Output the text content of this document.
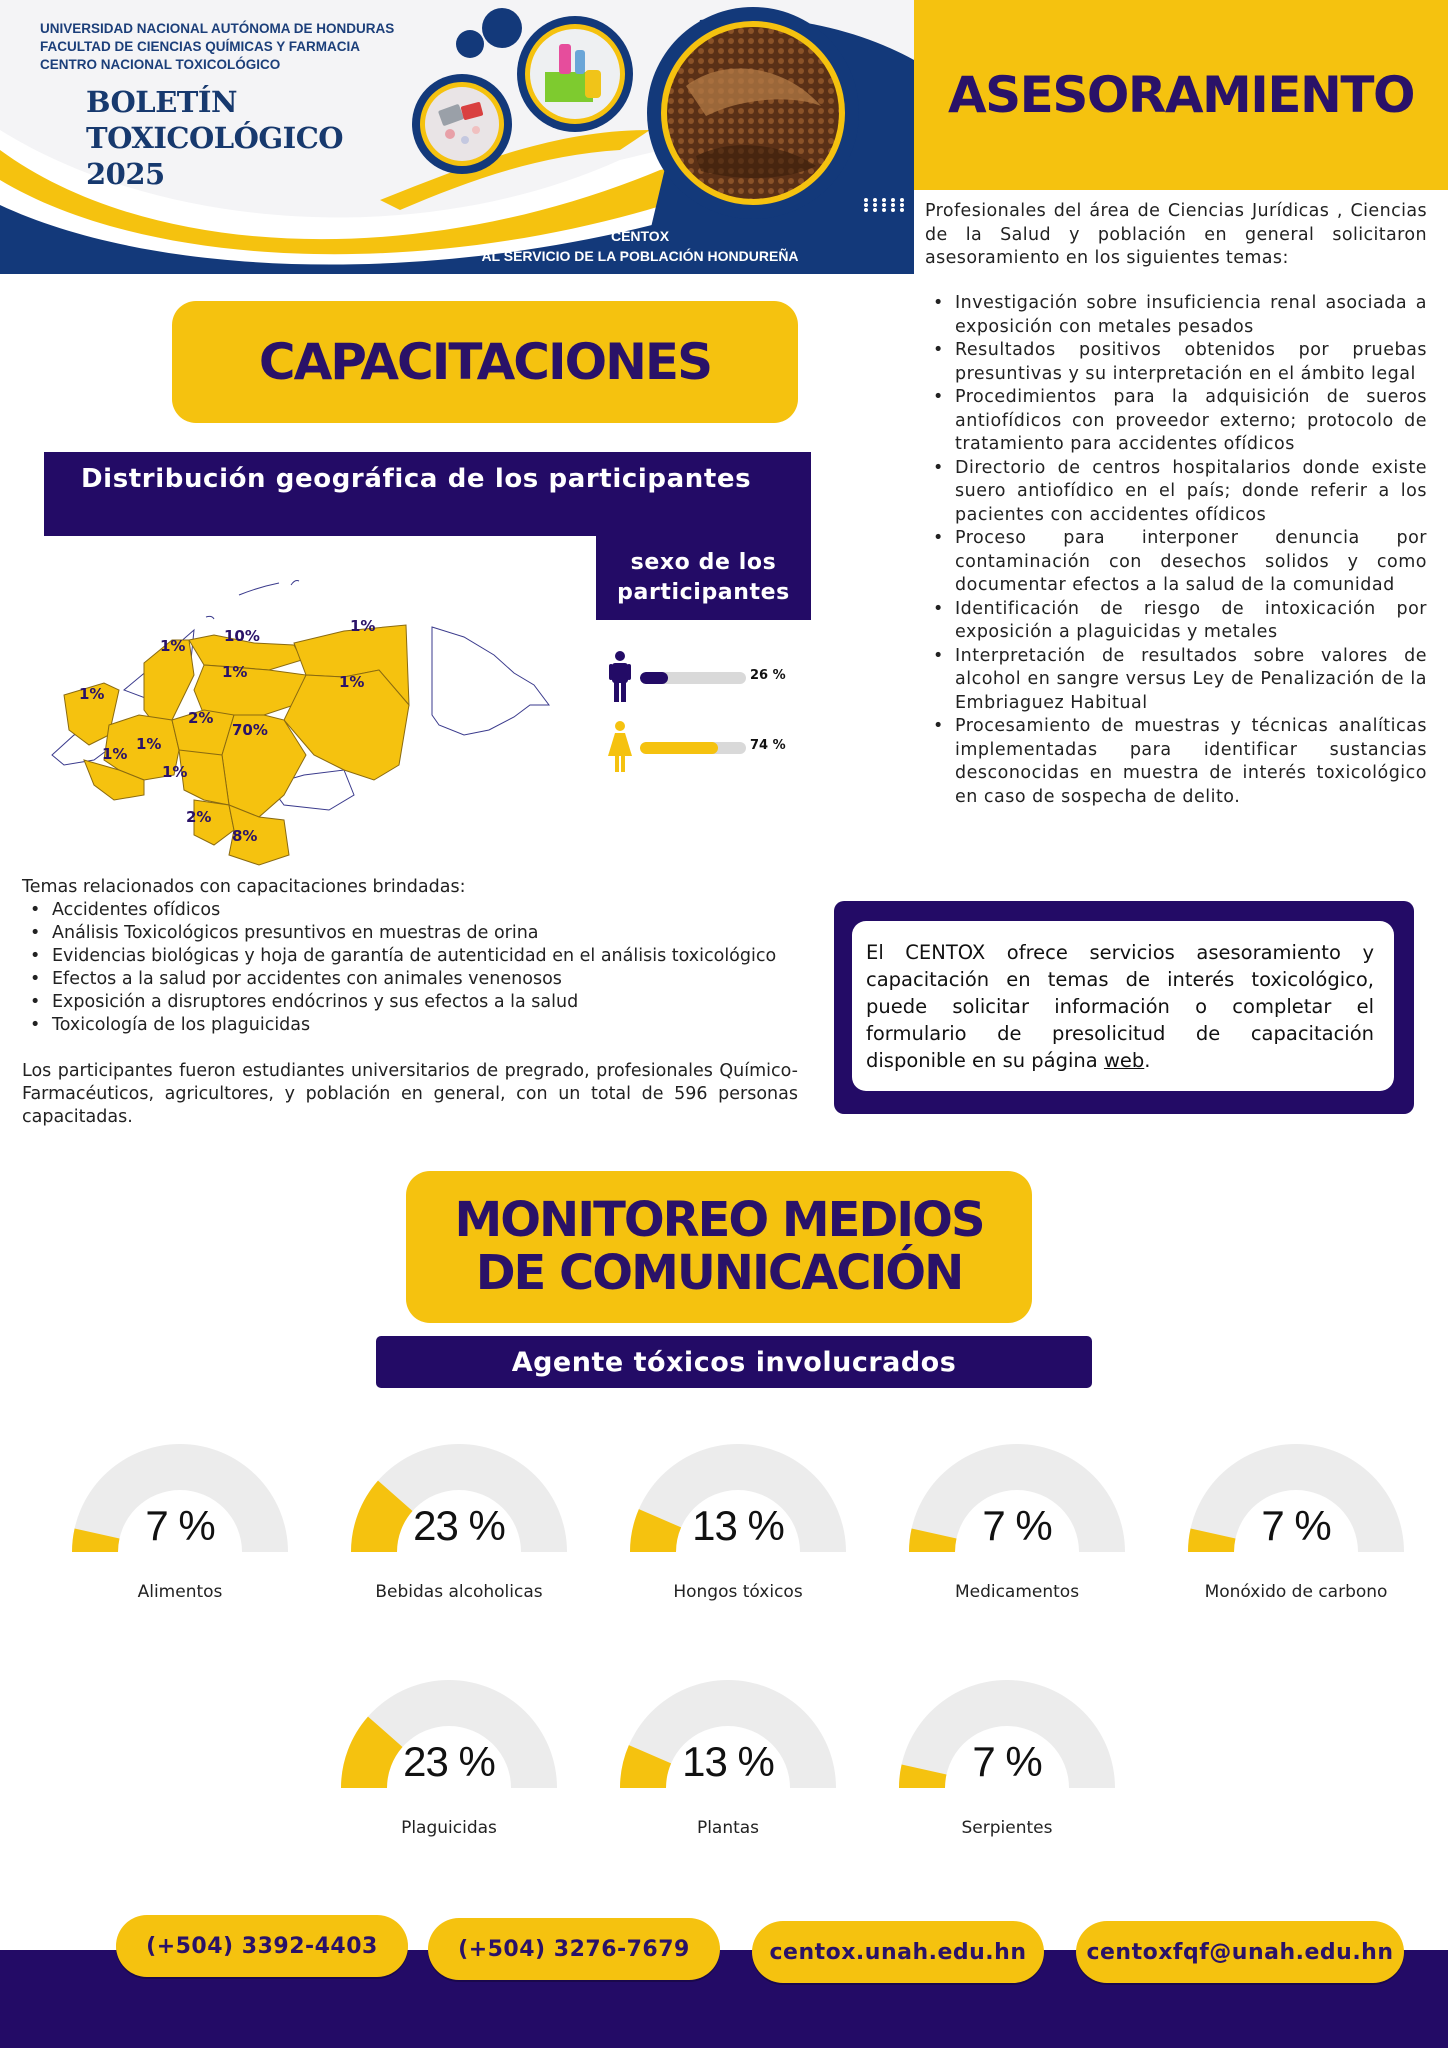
UNIVERSIDAD NACIONAL AUTÓNOMA DE HONDURAS
FACULTAD DE CIENCIAS QUÍMICAS Y FARMACIA
CENTRO NACIONAL TOXICOLÓGICO
BOLETÍN
TOXICOLÓGICO
2025
CENTOX
AL SERVICIO DE LA POBLACIÓN HONDUREÑA
ASESORAMIENTO

Profesionales del área de Ciencias Jurídicas , Ciencias de la Salud y población en general solicitaron asesoramiento en los siguientes temas:

• Investigación sobre insuficiencia renal asociada a exposición con metales pesados
• Resultados positivos obtenidos por pruebas presuntivas y su interpretación en el ámbito legal
• Procedimientos para la adquisición de sueros antiofídicos con proveedor externo; protocolo de tratamiento para accidentes ofídicos
• Directorio de centros hospitalarios donde existe suero antiofídico en el país; donde referir a los pacientes con accidentes ofídicos
• Proceso para interponer denuncia por contaminación con desechos solidos y como documentar efectos a la salud de la comunidad
• Identificación de riesgo de intoxicación por exposición a plaguicidas y metales
• Interpretación de resultados sobre valores de alcohol en sangre versus Ley de Penalización de la Embriaguez Habitual
• Procesamiento de muestras y técnicas analíticas implementadas para identificar sustancias desconocidas en muestra de interés toxicológico en caso de sospecha de delito.
CAPACITACIONES
Distribución geográfica de los participantes
sexo de los
participantes
1%
10%
1%
1%
1%
1%
2%
70%
1%
1%
1%
2%
8%
26 %
74 %

Temas relacionados con capacitaciones brindadas:

• Accidentes ofídicos
• Análisis Toxicológicos presuntivos en muestras de orina
• Evidencias biológicas y hoja de garantía de autenticidad en el análisis toxicológico
• Efectos a la salud por accidentes con animales venenosos
• Exposición a disruptores endócrinos y sus efectos a la salud
• Toxicología de los plaguicidas

Los participantes fueron estudiantes universitarios de pregrado, profesionales Químico-Farmacéuticos, agricultores, y población en general, con un total de 596 personas capacitadas.

El CENTOX ofrece servicios asesoramiento y capacitación en temas de interés toxicológico, puede solicitar información o completar el formulario de presolicitud de capacitación disponible en su página web.
MONITOREO MEDIOS
DE COMUNICACIÓN
Agente tóxicos involucrados
7 %
Alimentos
23 %
Bebidas alcoholicas
13 %
Hongos tóxicos
7 %
Medicamentos
7 %
Monóxido de carbono
23 %
Plaguicidas
13 %
Plantas
7 %
Serpientes
(+504) 3392-4403	(+504) 3276-7679	centox.unah.edu.hn	centoxfqf@unah.edu.hn
